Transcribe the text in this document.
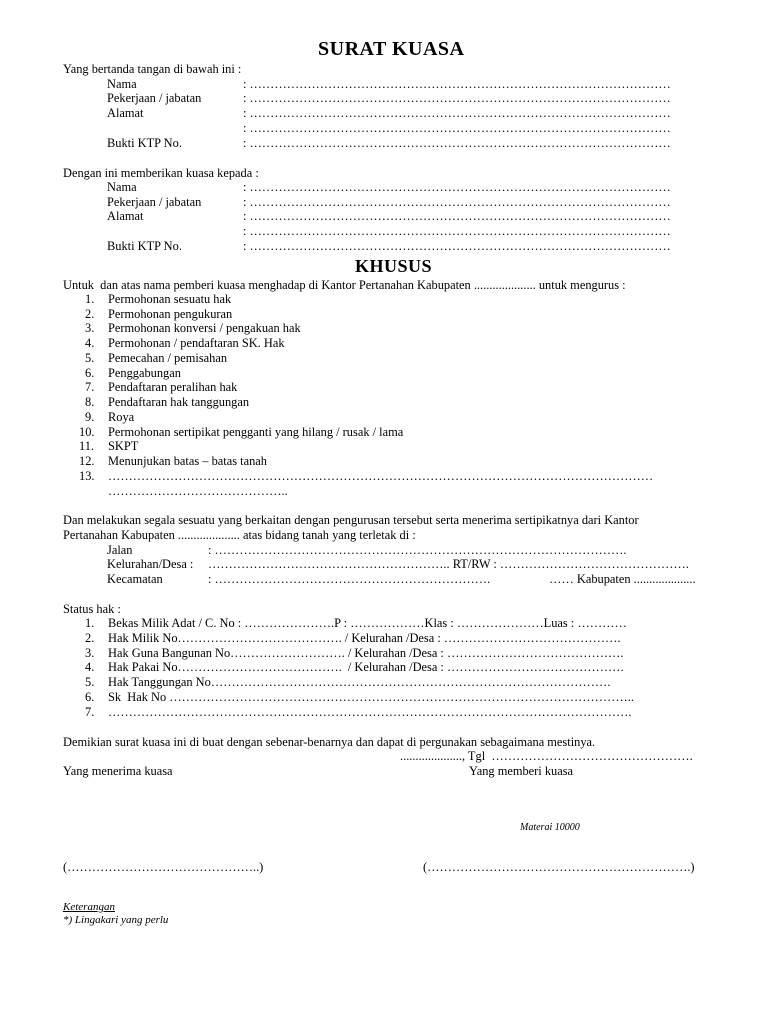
SURAT KUASA
Yang bertanda tangan di bawah ini :
Nama	: …………………………………………………………………………………………
Pekerjaan / jabatan	: …………………………………………………………………………………………
Alamat	: …………………………………………………………………………………………
: …………………………………………………………………………………………
Bukti KTP No.	: …………………………………………………………………………………………
Dengan ini memberikan kuasa kepada :
Nama	: …………………………………………………………………………………………
Pekerjaan / jabatan	: …………………………………………………………………………………………
Alamat	: …………………………………………………………………………………………
: …………………………………………………………………………………………
Bukti KTP No.	: …………………………………………………………………………………………
KHUSUS
Untuk  dan atas nama pemberi kuasa menghadap di Kantor Pertanahan Kabupaten .................... untuk mengurus :
1. Permohonan sesuatu hak
2. Permohonan pengukuran
3. Permohonan konversi / pengakuan hak
4. Permohonan / pendaftaran SK. Hak
5. Pemecahan / pemisahan
6. Penggabungan
7. Pendaftaran peralihan hak
8. Pendaftaran hak tanggungan
9. Roya
10. Permohonan sertipikat pengganti yang hilang / rusak / lama
11. SKPT
12. Menunjukan batas – batas tanah
13. ……………………………………………………………………………………………………………………
……………………………………..
Dan melakukan segala sesuatu yang berkaitan dengan pengurusan tersebut serta menerima sertipikatnya dari Kantor
Pertanahan Kabupaten .................... atas bidang tanah yang terletak di :
Jalan	: ……………………………………………………………………………………….
Kelurahan/Desa : ………………………………………………….. RT/RW : ……………………………………….
Kecamatan	: ………………………………………………………….	…… Kabupaten ....................
Status hak :
1. Bekas Milik Adat / C. No : ………………….P : ………………Klas : …………………Luas : …………
2. Hak Milik No…………………………………. / Kelurahan /Desa : …………………………………….
3. Hak Guna Bangunan No………………………. / Kelurahan /Desa : …………………………………….
4. Hak Pakai No………………………………….  / Kelurahan /Desa : …………………………………….
5. Hak Tanggungan No…………………………………………………………………………………….
6. Sk  Hak No …………………………………………………………………………………………………..
7. ……………………………………………………………………………………………………………….
Demikian surat kuasa ini di buat dengan sebenar-benarnya dan dapat di pergunakan sebagaimana mestinya.
...................., Tgl  ………………………………………….
Yang menerima kuasa	Yang memberi kuasa
Materai 10000
(………………………………………..)	(……………………………………………………….)
Keterangan
*) Lingakari yang perlu
